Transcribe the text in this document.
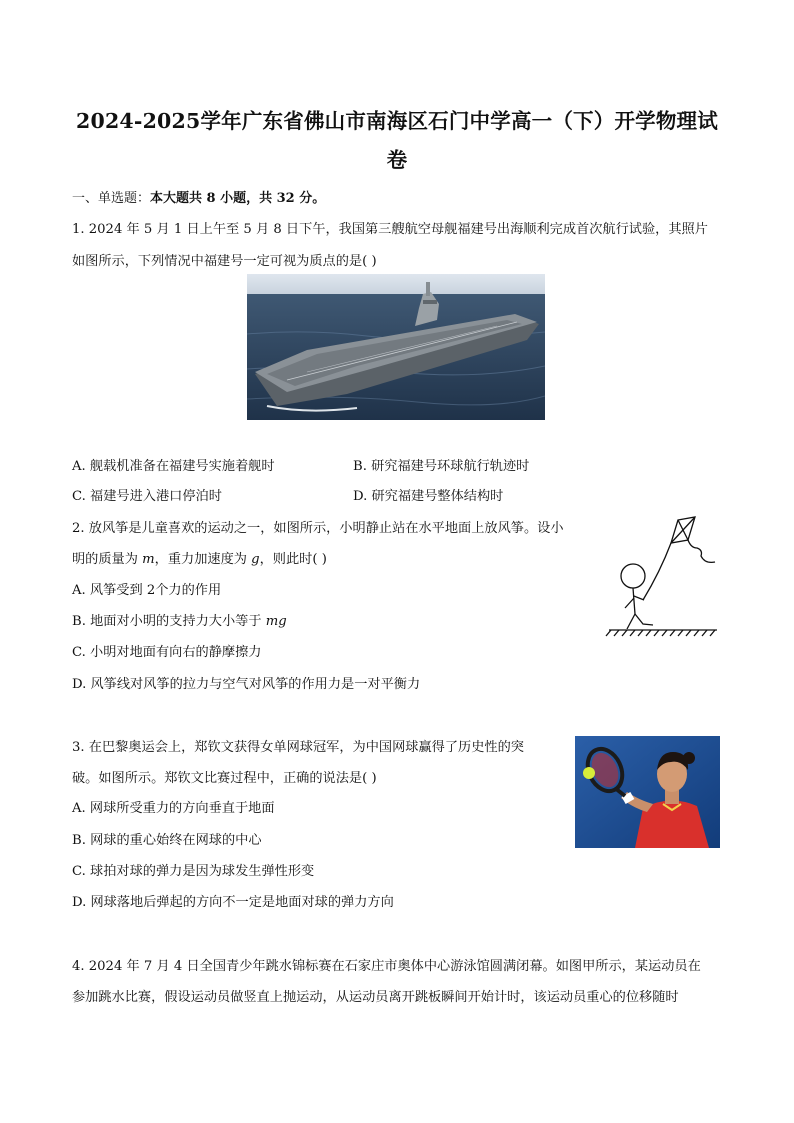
2024-2025学年广东省佛山市南海区石门中学高一（下）开学物理试
卷
一、单选题：本大题共 8 小题，共 32 分。
1. 2024 年 5 月 1 日上午至 5 月 8 日下午，我国第三艘航空母舰福建号出海顺利完成首次航行试验，其照片
如图所示，下列情况中福建号一定可视为质点的是( )
A. 舰载机准备在福建号实施着舰时	B. 研究福建号环球航行轨迹时
C. 福建号进入港口停泊时	D. 研究福建号整体结构时
2. 放风筝是儿童喜欢的运动之一，如图所示，小明静止站在水平地面上放风筝。设小
明的质量为 m，重力加速度为 g，则此时( )
A. 风筝受到 2个力的作用
B. 地面对小明的支持力大小等于 mg
C. 小明对地面有向右的静摩擦力
D. 风筝线对风筝的拉力与空气对风筝的作用力是一对平衡力
3. 在巴黎奥运会上，郑钦文获得女单网球冠军，为中国网球赢得了历史性的突
破。如图所示。郑钦文比赛过程中，正确的说法是( )
A. 网球所受重力的方向垂直于地面
B. 网球的重心始终在网球的中心
C. 球拍对球的弹力是因为球发生弹性形变
D. 网球落地后弹起的方向不一定是地面对球的弹力方向
4. 2024 年 7 月 4 日全国青少年跳水锦标赛在石家庄市奥体中心游泳馆圆满闭幕。如图甲所示，某运动员在
参加跳水比赛，假设运动员做竖直上抛运动，从运动员离开跳板瞬间开始计时，该运动员重心的位移随时
